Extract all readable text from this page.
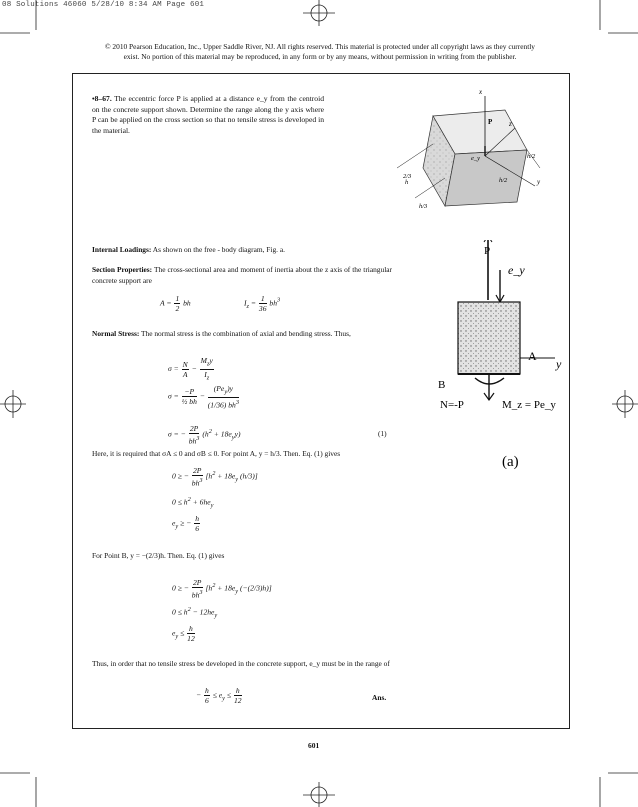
08 Solutions 46060 5/28/10 8:34 AM Page 601
© 2010 Pearson Education, Inc., Upper Saddle River, NJ. All rights reserved. This material is protected under all copyright laws as they currently
exist. No portion of this material may be reproduced, in any form or by any means, without permission in writing from the publisher.
•8–67. The eccentric force P is applied at a distance e_y from the centroid on the concrete support shown. Determine the range along the y axis where P can be applied on the cross section so that no tensile stress is developed in the material.
x
z
y
P
e_y	h/2
h/2
2/3
h
h/3
P
e_y
A
y
B
N=-P	M_z = Pe_y
(a)
Internal Loadings: As shown on the free - body diagram, Fig. a.
Section Properties: The cross-sectional area and moment of inertia about the z axis of the triangular concrete support are
$A = \frac{1}{2}$ bh	$I_z = \frac{1}{36} bh^3$
Normal Stress: The normal stress is the combination of axial and bending stress. Thus,
$\sigma = \frac{N}{A} - \frac{M_zy}{I_z}$
$\sigma = \frac{-P}{\text{½ bh}} - \frac{(Pe_y)y}{(1/36) bh^3}$
σ = − $\frac{2P}{bh^3} (h^2 + 18e_yy)$	(1)
Here, it is required that σA ≤ 0 and σB ≤ 0. For point A, y = h/3. Then. Eq. (1) gives
0 ≥ − $\frac{2P}{bh^3} [h^2 + 18e_y$ (h/3)]
$0 \le h^2 + 6he_y$
$e_y$ ≥ − $\frac{h}{6}$
For Point B, y = −(2/3)h. Then. Eq. (1) gives
0 ≥ − $\frac{2P}{bh^3} [h^2 + 18e_y$ (−(2/3)h)]
$0 \le h^2 - 12he_y$
$e_y \le \frac{h}{12}$
Thus, in order that no tensile stress be developed in the concrete support, e_y must be in the range of
− $\frac{h}{6} \le e_y \le \frac{h}{12}$	Ans.
601
